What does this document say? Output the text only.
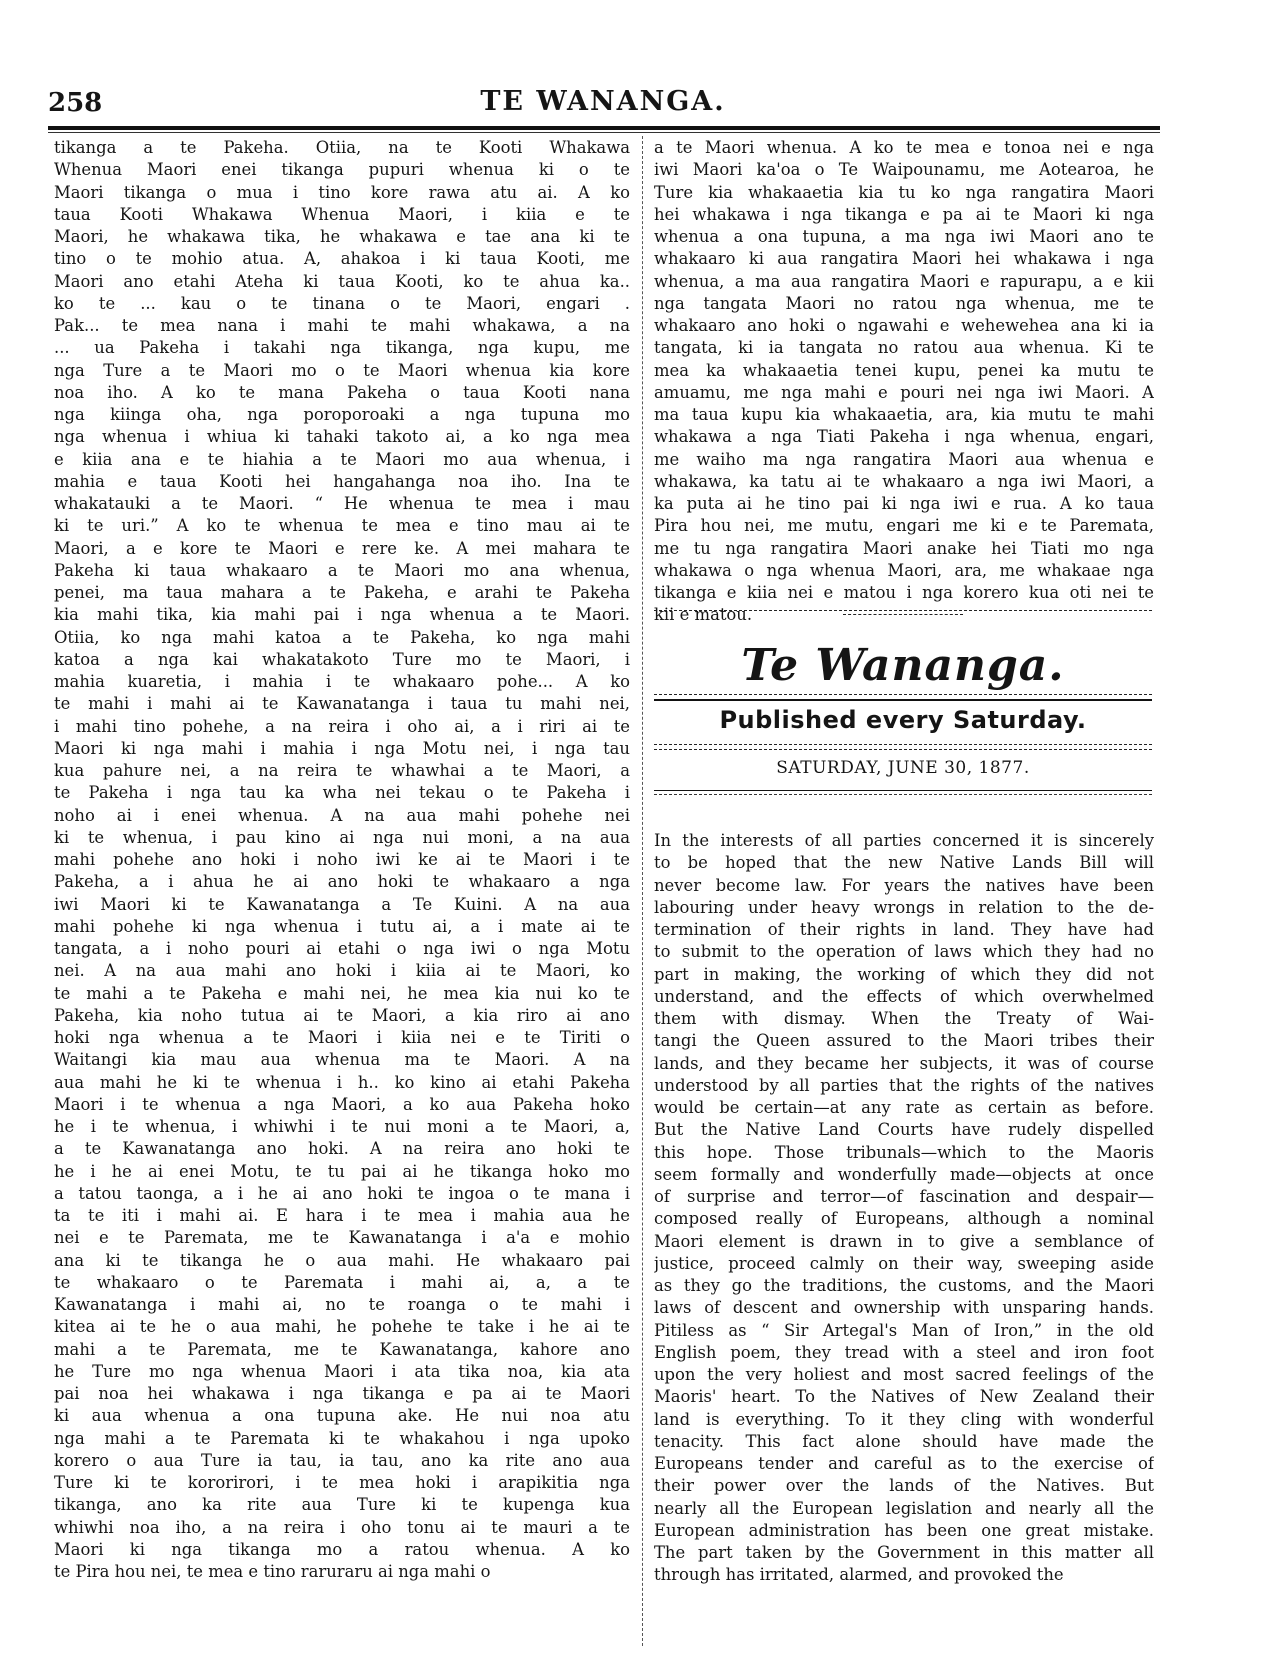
258	TE WANANGA.
tikanga a te Pakeha. Otiia, na te Kooti Whakawa
Whenua Maori enei tikanga pupuri whenua ki o te
Maori tikanga o mua i tino kore rawa atu ai. A ko
taua Kooti Whakawa Whenua Maori, i kiia e te
Maori, he whakawa tika, he whakawa e tae ana ki te
tino o te mohio atua. A, ahakoa i ki taua Kooti, me
Maori ano etahi Ateha ki taua Kooti, ko te ahua ka..
ko te ... kau o te tinana o te Maori, engari .
Pak... te mea nana i mahi te mahi whakawa, a na
... ua Pakeha i takahi nga tikanga, nga kupu, me
nga Ture a te Maori mo o te Maori whenua kia kore
noa iho. A ko te mana Pakeha o taua Kooti nana
nga kiinga oha, nga poroporoaki a nga tupuna mo
nga whenua i whiua ki tahaki takoto ai, a ko nga mea
e kiia ana e te hiahia a te Maori mo aua whenua, i
mahia e taua Kooti hei hangahanga noa iho. Ina te
whakatauki a te Maori. “ He whenua te mea i mau
ki te uri.” A ko te whenua te mea e tino mau ai te
Maori, a e kore te Maori e rere ke. A mei mahara te
Pakeha ki taua whakaaro a te Maori mo ana whenua,
penei, ma taua mahara a te Pakeha, e arahi te Pakeha
kia mahi tika, kia mahi pai i nga whenua a te Maori.
Otiia, ko nga mahi katoa a te Pakeha, ko nga mahi
katoa a nga kai whakatakoto Ture mo te Maori, i
mahia kuaretia, i mahia i te whakaaro pohe... A ko
te mahi i mahi ai te Kawanatanga i taua tu mahi nei,
i mahi tino pohehe, a na reira i oho ai, a i riri ai te
Maori ki nga mahi i mahia i nga Motu nei, i nga tau
kua pahure nei, a na reira te whawhai a te Maori, a
te Pakeha i nga tau ka wha nei tekau o te Pakeha i
noho ai i enei whenua. A na aua mahi pohehe nei
ki te whenua, i pau kino ai nga nui moni, a na aua
mahi pohehe ano hoki i noho iwi ke ai te Maori i te
Pakeha, a i ahua he ai ano hoki te whakaaro a nga
iwi Maori ki te Kawanatanga a Te Kuini. A na aua
mahi pohehe ki nga whenua i tutu ai, a i mate ai te
tangata, a i noho pouri ai etahi o nga iwi o nga Motu
nei. A na aua mahi ano hoki i kiia ai te Maori, ko
te mahi a te Pakeha e mahi nei, he mea kia nui ko te
Pakeha, kia noho tutua ai te Maori, a kia riro ai ano
hoki nga whenua a te Maori i kiia nei e te Tiriti o
Waitangi kia mau aua whenua ma te Maori. A na
aua mahi he ki te whenua i h.. ko kino ai etahi Pakeha
Maori i te whenua a nga Maori, a ko aua Pakeha hoko
he i te whenua, i whiwhi i te nui moni a te Maori, a,
a te Kawanatanga ano hoki. A na reira ano hoki te
he i he ai enei Motu, te tu pai ai he tikanga hoko mo
a tatou taonga, a i he ai ano hoki te ingoa o te mana i
ta te iti i mahi ai. E hara i te mea i mahia aua he
nei e te Paremata, me te Kawanatanga i a'a e mohio
ana ki te tikanga he o aua mahi. He whakaaro pai
te whakaaro o te Paremata i mahi ai, a, a te
Kawanatanga i mahi ai, no te roanga o te mahi i
kitea ai te he o aua mahi, he pohehe te take i he ai te
mahi a te Paremata, me te Kawanatanga, kahore ano
he Ture mo nga whenua Maori i ata tika noa, kia ata
pai noa hei whakawa i nga tikanga e pa ai te Maori
ki aua whenua a ona tupuna ake. He nui noa atu
nga mahi a te Paremata ki te whakahou i nga upoko
korero o aua Ture ia tau, ia tau, ano ka rite ano aua
Ture ki te kororirori, i te mea hoki i arapikitia nga
tikanga, ano ka rite aua Ture ki te kupenga kua
whiwhi noa iho, a na reira i oho tonu ai te mauri a te
Maori ki nga tikanga mo a ratou whenua. A ko
te Pira hou nei, te mea e tino raruraru ai nga mahi o
a te Maori whenua. A ko te mea e tonoa nei e nga
iwi Maori ka'oa o Te Waipounamu, me Aotearoa, he
Ture kia whakaaetia kia tu ko nga rangatira Maori
hei whakawa i nga tikanga e pa ai te Maori ki nga
whenua a ona tupuna, a ma nga iwi Maori ano te
whakaaro ki aua rangatira Maori hei whakawa i nga
whenua, a ma aua rangatira Maori e rapurapu, a e kii
nga tangata Maori no ratou nga whenua, me te
whakaaro ano hoki o ngawahi e wehewehea ana ki ia
tangata, ki ia tangata no ratou aua whenua. Ki te
mea ka whakaaetia tenei kupu, penei ka mutu te
amuamu, me nga mahi e pouri nei nga iwi Maori. A
ma taua kupu kia whakaaetia, ara, kia mutu te mahi
whakawa a nga Tiati Pakeha i nga whenua, engari,
me waiho ma nga rangatira Maori aua whenua e
whakawa, ka tatu ai te whakaaro a nga iwi Maori, a
ka puta ai he tino pai ki nga iwi e rua. A ko taua
Pira hou nei, me mutu, engari me ki e te Paremata,
me tu nga rangatira Maori anake hei Tiati mo nga
whakawa o nga whenua Maori, ara, me whakaae nga
tikanga e kiia nei e matou i nga korero kua oti nei te
kii e matou.
Te Wananga.
Published every Saturday.
SATURDAY, JUNE 30, 1877.
In the interests of all parties concerned it is sincerely
to be hoped that the new Native Lands Bill will
never become law. For years the natives have been
labouring under heavy wrongs in relation to the de-
termination of their rights in land. They have had
to submit to the operation of laws which they had no
part in making, the working of which they did not
understand, and the effects of which overwhelmed
them with dismay. When the Treaty of Wai-
tangi the Queen assured to the Maori tribes their
lands, and they became her subjects, it was of course
understood by all parties that the rights of the natives
would be certain—at any rate as certain as before.
But the Native Land Courts have rudely dispelled
this hope. Those tribunals—which to the Maoris
seem formally and wonderfully made—objects at once
of surprise and terror—of fascination and despair—
composed really of Europeans, although a nominal
Maori element is drawn in to give a semblance of
justice, proceed calmly on their way, sweeping aside
as they go the traditions, the customs, and the Maori
laws of descent and ownership with unsparing hands.
Pitiless as “ Sir Artegal's Man of Iron,” in the old
English poem, they tread with a steel and iron foot
upon the very holiest and most sacred feelings of the
Maoris' heart. To the Natives of New Zealand their
land is everything. To it they cling with wonderful
tenacity. This fact alone should have made the
Europeans tender and careful as to the exercise of
their power over the lands of the Natives. But
nearly all the European legislation and nearly all the
European administration has been one great mistake.
The part taken by the Government in this matter all
through has irritated, alarmed, and provoked the
